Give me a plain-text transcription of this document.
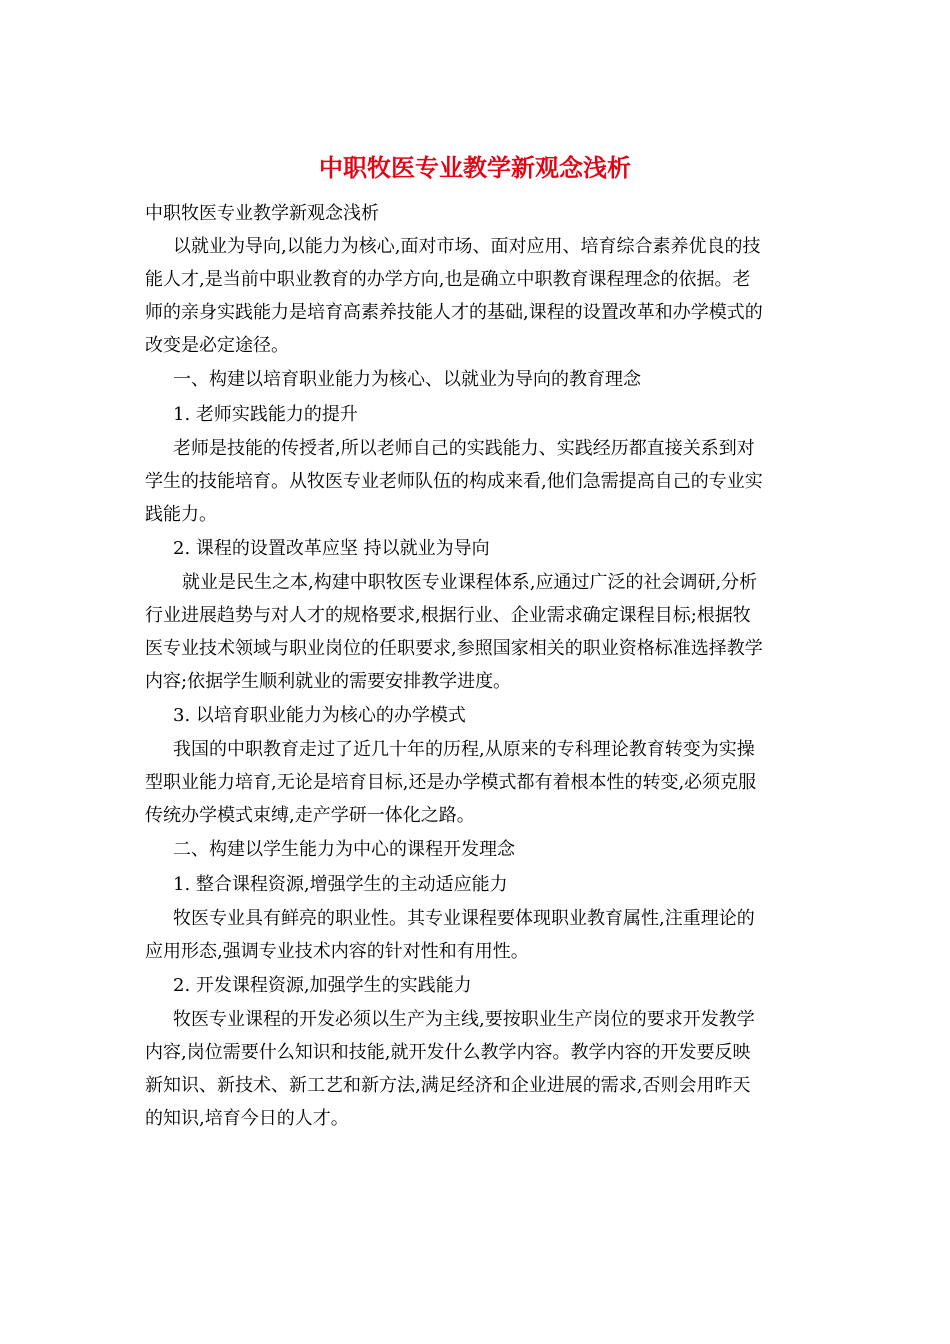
中职牧医专业教学新观念浅析

中职牧医专业教学新观念浅析

以就业为导向,以能力为核心,面对市场、面对应用、培育综合素养优良的技

能人才,是当前中职业教育的办学方向,也是确立中职教育课程理念的依据。老

师的亲身实践能力是培育高素养技能人才的基础,课程的设置改革和办学模式的

改变是必定途径。

一、构建以培育职业能力为核心、以就业为导向的教育理念

1. 老师实践能力的提升

老师是技能的传授者,所以老师自己的实践能力、实践经历都直接关系到对

学生的技能培育。从牧医专业老师队伍的构成来看,他们急需提高自己的专业实

践能力。

2. 课程的设置改革应坚 持以就业为导向

就业是民生之本,构建中职牧医专业课程体系,应通过广泛的社会调研,分析

行业进展趋势与对人才的规格要求,根据行业、企业需求确定课程目标;根据牧

医专业技术领域与职业岗位的任职要求,参照国家相关的职业资格标准选择教学

内容;依据学生顺利就业的需要安排教学进度。

3. 以培育职业能力为核心的办学模式

我国的中职教育走过了近几十年的历程,从原来的专科理论教育转变为实操

型职业能力培育,无论是培育目标,还是办学模式都有着根本性的转变,必须克服

传统办学模式束缚,走产学研一体化之路。

二、构建以学生能力为中心的课程开发理念

1. 整合课程资源,增强学生的主动适应能力

牧医专业具有鲜亮的职业性。其专业课程要体现职业教育属性,注重理论的

应用形态,强调专业技术内容的针对性和有用性。

2. 开发课程资源,加强学生的实践能力

牧医专业课程的开发必须以生产为主线,要按职业生产岗位的要求开发教学

内容,岗位需要什么知识和技能,就开发什么教学内容。教学内容的开发要反映

新知识、新技术、新工艺和新方法,满足经济和企业进展的需求,否则会用昨天

的知识,培育今日的人才。
